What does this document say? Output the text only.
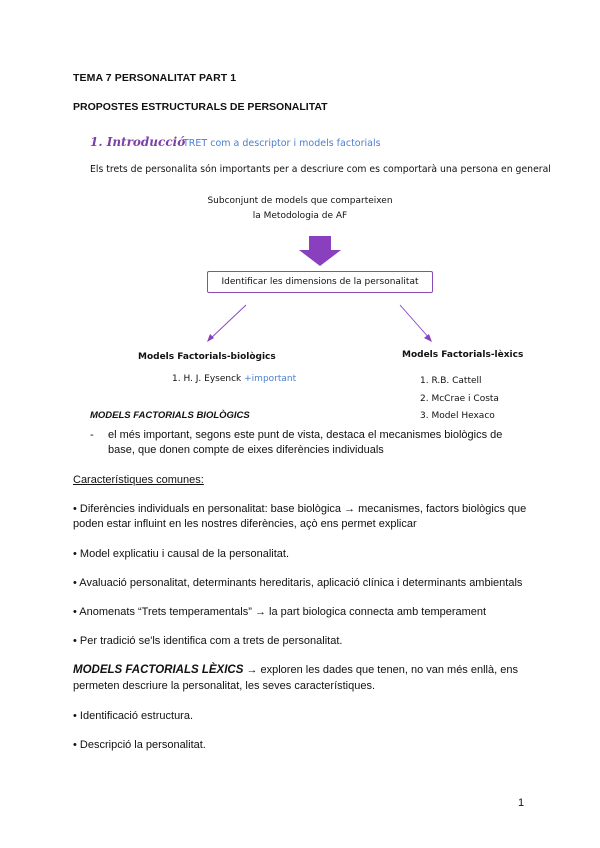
TEMA 7 PERSONALITAT PART 1
PROPOSTES ESTRUCTURALS DE PERSONALITAT
1. Introducció
TRET com a descriptor i models factorials
Els trets de personalita són importants per a descriure com es comportarà una persona en general
Subconjunt de models que comparteixen
la Metodologia de AF
Identificar les dimensions de la personalitat
Models Factorials-biològics
1. H. J. Eysenck +important
Models Factorials-lèxics
1. R.B. Cattell
2. McCrae i Costa
3. Model Hexaco
MODELS FACTORIALS BIOLÒGICS
- el més important, segons este punt de vista, destaca el mecanismes biològics de base, que donen compte de eixes diferències individuals
Característiques comunes:
• Diferències individuals en personalitat: base biològica → mecanismes, factors biològics que poden estar influint en les nostres diferències, açò ens permet explicar
• Model explicatiu i causal de la personalitat.
• Avaluació personalitat, determinants hereditaris, aplicació clínica i determinants ambientals
• Anomenats “Trets temperamentals” → la part biologica connecta amb temperament
• Per tradició se'ls identifica com a trets de personalitat.
MODELS FACTORIALS LÈXICS → exploren les dades que tenen, no van més enllà, ens permeten descriure la personalitat, les seves característiques.
• Identificació estructura.
• Descripció la personalitat.
1
